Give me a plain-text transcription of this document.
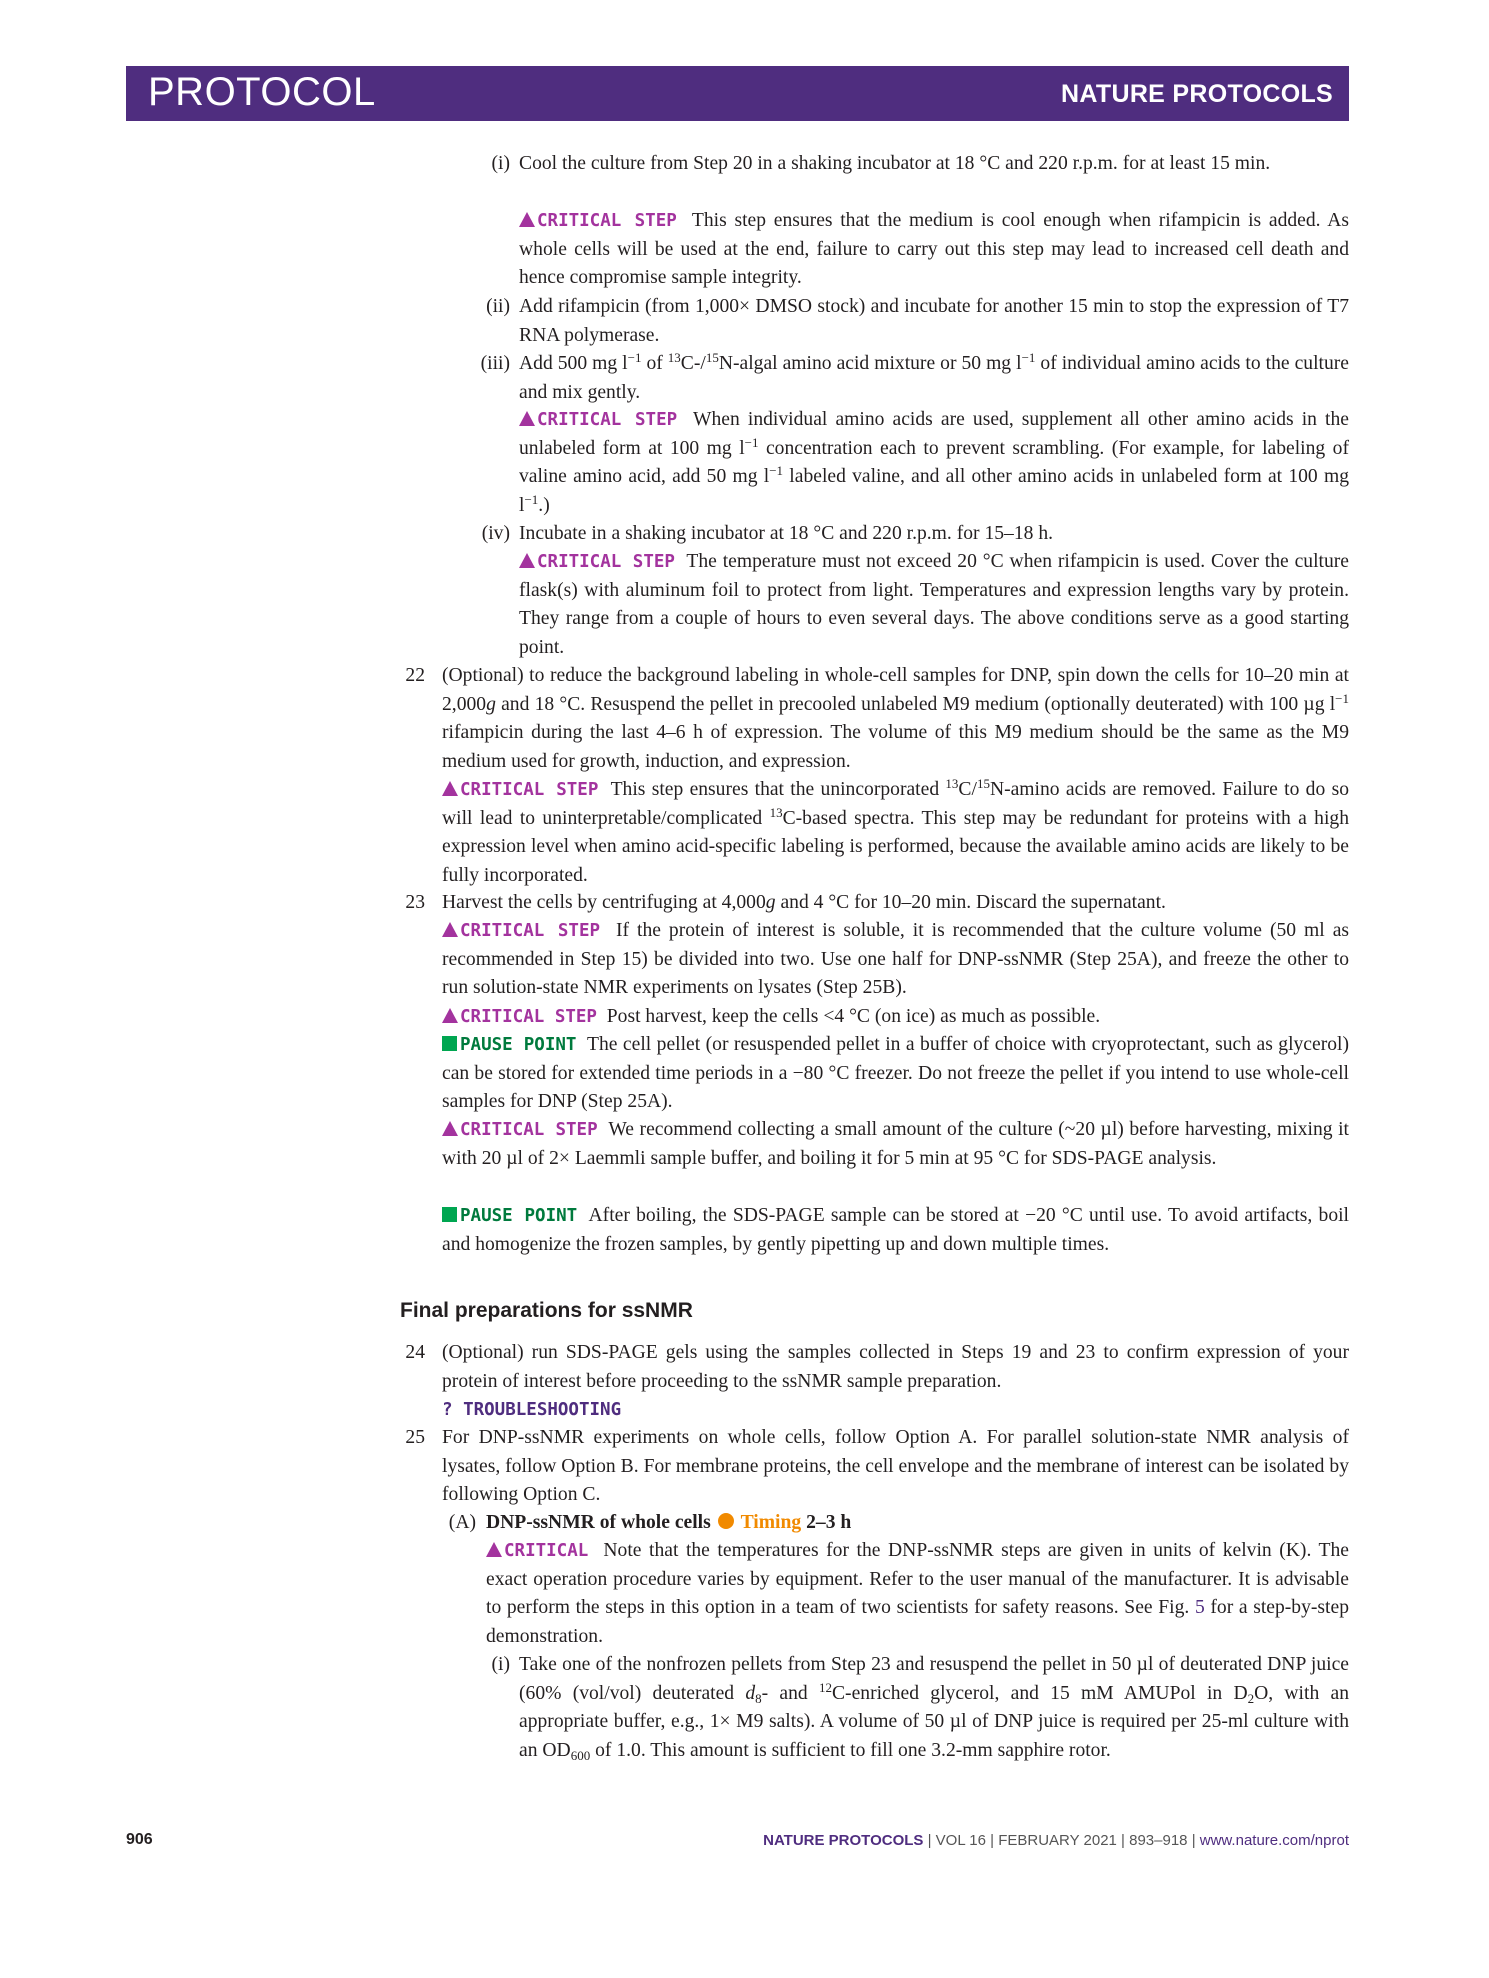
PROTOCOL	NATURE PROTOCOLS
(i) Cool the culture from Step 20 in a shaking incubator at 18 °C and 220 r.p.m. for at least 15 min.
CRITICAL STEP This step ensures that the medium is cool enough when rifampicin is added. As whole cells will be used at the end, failure to carry out this step may lead to increased cell death and hence compromise sample integrity.
(ii) Add rifampicin (from 1,000× DMSO stock) and incubate for another 15 min to stop the expression of T7 RNA polymerase.
(iii) Add 500 mg $l^{-1}$ of $^{13}$C-/$^{15}$N-algal amino acid mixture or 50 mg $l^{-1}$ of individual amino acids to the culture and mix gently.
CRITICAL STEP When individual amino acids are used, supplement all other amino acids in the unlabeled form at 100 mg $l^{-1}$ concentration each to prevent scrambling. (For example, for labeling of valine amino acid, add 50 mg $l^{-1}$ labeled valine, and all other amino acids in unlabeled form at 100 mg $l^{-1}$.)
(iv) Incubate in a shaking incubator at 18 °C and 220 r.p.m. for 15–18 h.
CRITICAL STEP The temperature must not exceed 20 °C when rifampicin is used. Cover the culture flask(s) with aluminum foil to protect from light. Temperatures and expression lengths vary by protein. They range from a couple of hours to even several days. The above conditions serve as a good starting point.
22 (Optional) to reduce the background labeling in whole-cell samples for DNP, spin down the cells for 10–20 min at 2,000g and 18 °C. Resuspend the pellet in precooled unlabeled M9 medium (optionally deuterated) with 100 µg $l^{-1}$ rifampicin during the last 4–6 h of expression. The volume of this M9 medium should be the same as the M9 medium used for growth, induction, and expression.
CRITICAL STEP This step ensures that the unincorporated $^{13}$C/$^{15}$N-amino acids are removed. Failure to do so will lead to uninterpretable/complicated $^{13}$C-based spectra. This step may be redundant for proteins with a high expression level when amino acid-specific labeling is performed, because the available amino acids are likely to be fully incorporated.
23 Harvest the cells by centrifuging at 4,000g and 4 °C for 10–20 min. Discard the supernatant.
CRITICAL STEP If the protein of interest is soluble, it is recommended that the culture volume (50 ml as recommended in Step 15) be divided into two. Use one half for DNP-ssNMR (Step 25A), and freeze the other to run solution-state NMR experiments on lysates (Step 25B).
CRITICAL STEP Post harvest, keep the cells <4 °C (on ice) as much as possible.
PAUSE POINT The cell pellet (or resuspended pellet in a buffer of choice with cryoprotectant, such as glycerol) can be stored for extended time periods in a −80 °C freezer. Do not freeze the pellet if you intend to use whole-cell samples for DNP (Step 25A).
CRITICAL STEP We recommend collecting a small amount of the culture (~20 µl) before harvesting, mixing it with 20 µl of 2× Laemmli sample buffer, and boiling it for 5 min at 95 °C for SDS-PAGE analysis.
PAUSE POINT After boiling, the SDS-PAGE sample can be stored at −20 °C until use. To avoid artifacts, boil and homogenize the frozen samples, by gently pipetting up and down multiple times.
Final preparations for ssNMR
24 (Optional) run SDS-PAGE gels using the samples collected in Steps 19 and 23 to confirm expression of your protein of interest before proceeding to the ssNMR sample preparation.
? TROUBLESHOOTING
25 For DNP-ssNMR experiments on whole cells, follow Option A. For parallel solution-state NMR analysis of lysates, follow Option B. For membrane proteins, the cell envelope and the membrane of interest can be isolated by following Option C.
(A) DNP-ssNMR of whole cells Timing 2–3 h
CRITICAL Note that the temperatures for the DNP-ssNMR steps are given in units of kelvin (K). The exact operation procedure varies by equipment. Refer to the user manual of the manufacturer. It is advisable to perform the steps in this option in a team of two scientists for safety reasons. See Fig. 5 for a step-by-step demonstration.
(i) Take one of the nonfrozen pellets from Step 23 and resuspend the pellet in 50 µl of deuterated DNP juice (60% (vol/vol) deuterated $d_8-$ and $^{12}$C-enriched glycerol, and 15 mM AMUPol in $D_2O$, with an appropriate buffer, e.g., 1× M9 salts). A volume of 50 µl of DNP juice is required per 25-ml culture with an $OD_{600}$ of 1.0. This amount is sufficient to fill one 3.2-mm sapphire rotor.
906	NATURE PROTOCOLS | VOL 16 | FEBRUARY 2021 | 893–918 | www.nature.com/nprot
